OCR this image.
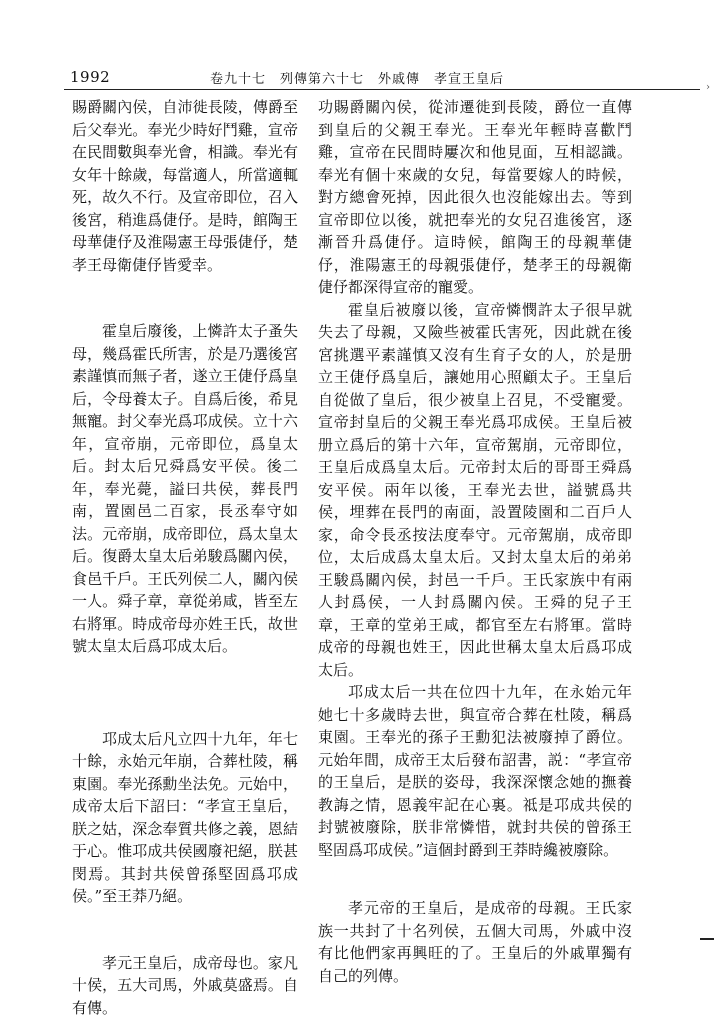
1992	卷九十七　列傳第六十七　外戚傳　孝宣王皇后
›

賜爵關內侯，自沛徙長陵，傳爵至后父奉光。奉光少時好鬥雞，宣帝在民間數與奉光會，相識。奉光有女年十餘歲，每當適人，所當適輒死，故久不行。及宣帝即位，召入後宮，稍進爲倢伃。是時，館陶王母華倢伃及淮陽憲王母張倢伃，楚孝王母衛倢伃皆愛幸。

霍皇后廢後，上憐許太子蚤失母，幾爲霍氏所害，於是乃選後宮素謹慎而無子者，遂立王倢伃爲皇后，令母養太子。自爲后後，希見無寵。封父奉光爲邛成侯。立十六年，宣帝崩，元帝即位，爲皇太后。封太后兄舜爲安平侯。後二年，奉光薨，謚曰共侯，葬長門南，置園邑二百家，長丞奉守如法。元帝崩，成帝即位，爲太皇太后。復爵太皇太后弟駿爲關內侯，食邑千戶。王氏列侯二人，關內侯一人。舜子章，章從弟咸，皆至左右將軍。時成帝母亦姓王氏，故世號太皇太后爲邛成太后。

邛成太后凡立四十九年，年七十餘，永始元年崩，合葬杜陵，稱東園。奉光孫勳坐法免。元始中，成帝太后下詔曰：“孝宣王皇后，朕之姑，深念奉質共修之義，恩結于心。惟邛成共侯國廢祀絕，朕甚閔焉。其封共侯曾孫堅固爲邛成侯。”至王莽乃絕。

孝元王皇后，成帝母也。家凡十侯，五大司馬，外戚莫盛焉。自有傳。

功賜爵關內侯，從沛遷徙到長陵，爵位一直傳到皇后的父親王奉光。王奉光年輕時喜歡鬥雞，宣帝在民間時屢次和他見面，互相認識。奉光有個十來歲的女兒，每當要嫁人的時候，對方總會死掉，因此很久也沒能嫁出去。等到宣帝即位以後，就把奉光的女兒召進後宮，逐漸晉升爲倢伃。這時候，館陶王的母親華倢伃，淮陽憲王的母親張倢伃，楚孝王的母親衛倢伃都深得宣帝的寵愛。

霍皇后被廢以後，宣帝憐憫許太子很早就失去了母親，又險些被霍氏害死，因此就在後宮挑選平素謹慎又沒有生育子女的人，於是册立王倢伃爲皇后，讓她用心照顧太子。王皇后自從做了皇后，很少被皇上召見，不受寵愛。宣帝封皇后的父親王奉光爲邛成侯。王皇后被册立爲后的第十六年，宣帝駕崩，元帝即位，王皇后成爲皇太后。元帝封太后的哥哥王舜爲安平侯。兩年以後，王奉光去世，謚號爲共侯，埋葬在長門的南面，設置陵園和二百戶人家，命令長丞按法度奉守。元帝駕崩，成帝即位，太后成爲太皇太后。又封太皇太后的弟弟王駿爲關內侯，封邑一千戶。王氏家族中有兩人封爲侯，一人封爲關內侯。王舜的兒子王章，王章的堂弟王咸，都官至左右將軍。當時成帝的母親也姓王，因此世稱太皇太后爲邛成太后。

邛成太后一共在位四十九年，在永始元年她七十多歲時去世，與宣帝合葬在杜陵，稱爲東園。王奉光的孫子王勳犯法被廢掉了爵位。元始年間，成帝王太后發布詔書，説：“孝宣帝的王皇后，是朕的姿母，我深深懷念她的撫養教誨之情，恩義牢記在心裏。祗是邛成共侯的封號被廢除，朕非常憐惜，就封共侯的曾孫王堅固爲邛成侯。”這個封爵到王莽時纔被廢除。

孝元帝的王皇后，是成帝的母親。王氏家族一共封了十名列侯，五個大司馬，外戚中沒有比他們家再興旺的了。王皇后的外戚單獨有自己的列傳。
